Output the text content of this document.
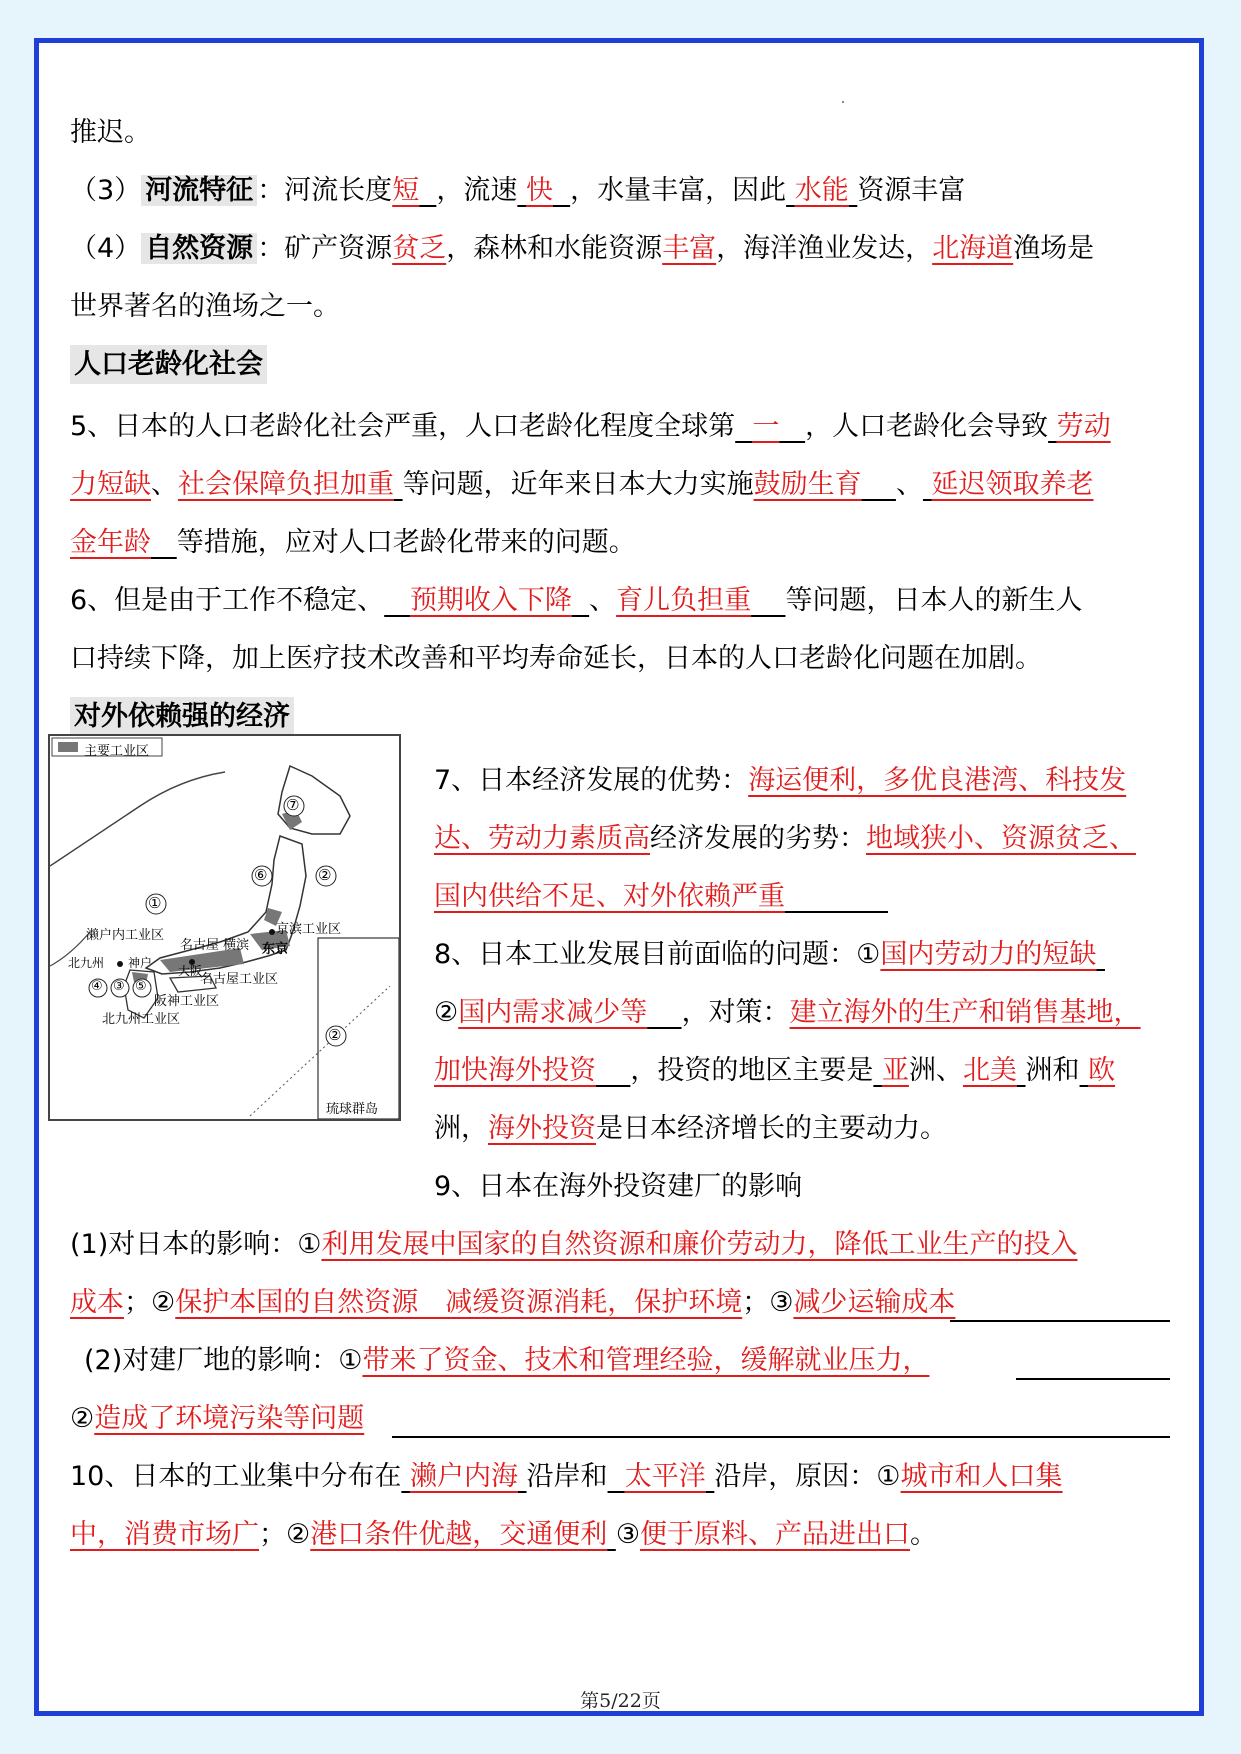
推迟。
（3） 河流特征 ：河流长度短 ，流速 快 ，水量丰富，因此 水能 资源丰富
（4） 自然资源 ：矿产资源贫乏，森林和水能资源丰富，海洋渔业发达，北海道渔场是
世界著名的渔场之一。
人口老龄化社会
5、日本的人口老龄化社会严重，人口老龄化程度全球第 一 ，人口老龄化会导致 劳动
力短缺、社会保障负担加重 等问题，近年来日本大力实施鼓励生育 、 延迟领取养老
金年龄 等措施，应对人口老龄化带来的问题。
6、但是由于工作不稳定、 预期收入下降 、育儿负担重 等问题，日本人的新生人
口持续下降，加上医疗技术改善和平均寿命延长，日本的人口老龄化问题在加剧。
对外依赖强的经济
7、日本经济发展的优势：海运便利，多优良港湾、科技发
达、劳动力素质高经济发展的劣势：地域狭小、资源贫乏、
国内供给不足、对外依赖严重
8、日本工业发展目前面临的问题：①国内劳动力的短缺
②国内需求减少等 ，对策：建立海外的生产和销售基地，
加快海外投资 ，投资的地区主要是 亚洲、北美 洲和 欧
洲，海外投资是日本经济增长的主要动力。
9、日本在海外投资建厂的影响
(1)对日本的影响：①利用发展中国家的自然资源和廉价劳动力，降低工业生产的投入
成本；②保护本国的自然资源　减缓资源消耗，保护环境；③减少运输成本
(2)对建厂地的影响：①带来了资金、技术和管理经验，缓解就业压力，
②造成了环境污染等问题
10、日本的工业集中分布在 濑户内海 沿岸和 太平洋 沿岸，原因：①城市和人口集
中，消费市场广；②港口条件优越，交通便利 ③便于原料、产品进出口。
主要工业区
⑦
⑥	②
①
④ ③ ⑤
②
濑户内工业区	京滨工业区
名古屋 横滨 东京
北九州 神户
大阪
名古屋工业区
阪神工业区
北九州工业区
琉球群岛
第5/22页
